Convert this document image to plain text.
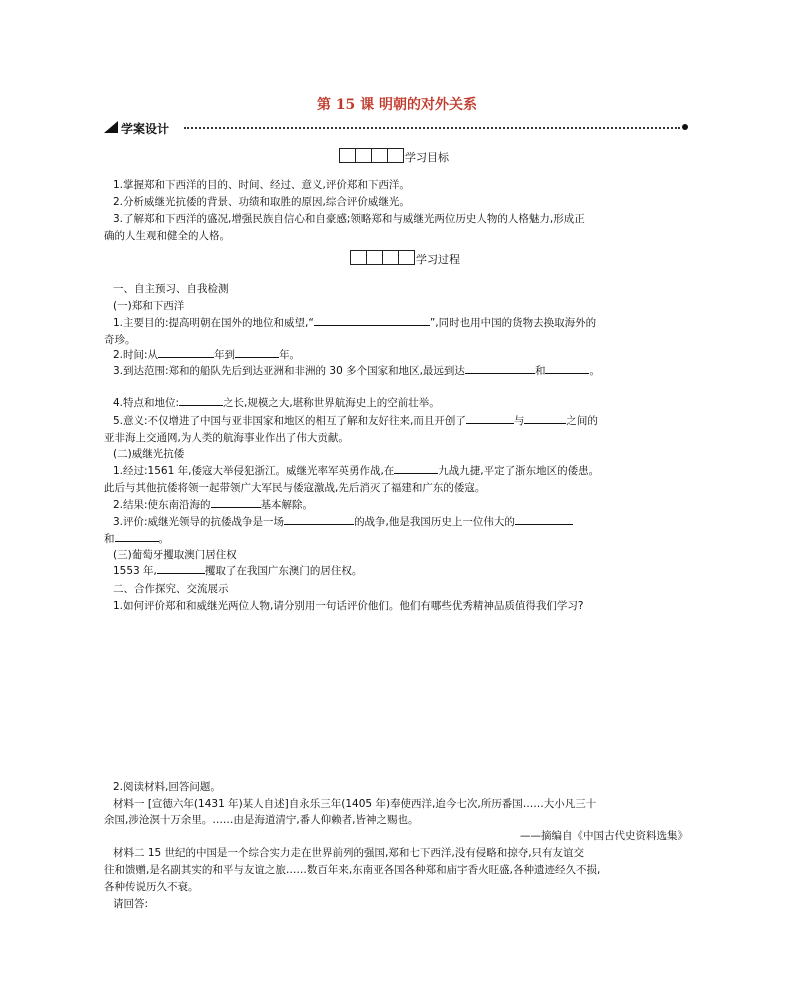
第 15 课 明朝的对外关系
学案设计
学习目标
1.掌握郑和下西洋的目的、时间、经过、意义,评价郑和下西洋。
2.分析威继光抗倭的背景、功绩和取胜的原因,综合评价威继光。
3.了解郑和下西洋的盛况,增强民族自信心和自豪感;领略郑和与威继光两位历史人物的人格魅力,形成正
确的人生观和健全的人格。
学习过程
一、自主预习、自我检测
(一)郑和下西洋
1.主要目的:提高明朝在国外的地位和威望,“	”,同时也用中国的货物去换取海外的
奇珍。
2.时间:从	年到	年。
3.到达范围:郑和的船队先后到达亚洲和非洲的 30 多个国家和地区,最远到达	和	。
4.特点和地位:	之长,规模之大,堪称世界航海史上的空前壮举。
5.意义:不仅增进了中国与亚非国家和地区的相互了解和友好往来,而且开创了	与	之间的
亚非海上交通网,为人类的航海事业作出了伟大贡献。
(二)威继光抗倭
1.经过:1561 年,倭寇大举侵犯浙江。威继光率军英勇作战,在	九战九捷,平定了浙东地区的倭患。
此后与其他抗倭将领一起带领广大军民与倭寇激战,先后消灭了福建和广东的倭寇。
2.结果:使东南沿海的	基本解除。
3.评价:威继光领导的抗倭战争是一场	的战争,他是我国历史上一位伟大的
和	。
(三)葡萄牙攫取澳门居住权
1553 年,	攫取了在我国广东澳门的居住权。
二、合作探究、交流展示
1.如何评价郑和和威继光两位人物,请分别用一句话评价他们。他们有哪些优秀精神品质值得我们学习?
2.阅读材料,回答问题。
材料一 [宣德六年(1431 年)某人自述]自永乐三年(1405 年)奉使西洋,迨今七次,所历番国……大小凡三十
余国,涉沧溟十万余里。……由是海道清宁,番人仰赖者,皆神之赐也。
——摘编自《中国古代史资料选集》
材料二 15 世纪的中国是一个综合实力走在世界前列的强国,郑和七下西洋,没有侵略和掠夺,只有友谊交
往和馈赠,是名副其实的和平与友谊之旅……数百年来,东南亚各国各种郑和庙宇香火旺盛,各种遗迹经久不损,
各种传说历久不衰。
请回答:
